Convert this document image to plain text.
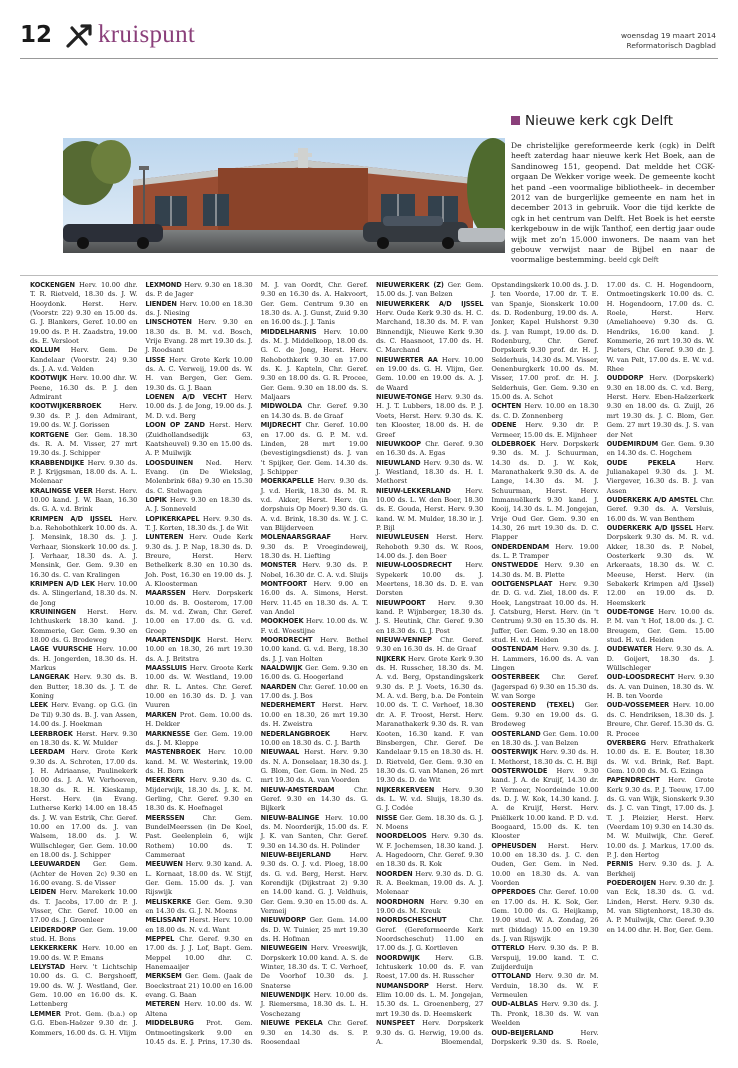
12 kruispunt	woensdag 19 maart 2014
Reformatorisch Dagblad
Nieuwe kerk cgk Delft
De christelijke gereformeerde kerk (cgk) in Delft heeft zaterdag haar nieuwe kerk Het Boek, aan de Sandinoweg 151, geopend. Dat meldde het CGK-orgaan De Wekker vorige week. De gemeente kocht het pand –een voormalige bibliotheek– in december 2012 van de burgerlijke gemeente en nam het in december 2013 in gebruik. Voor die tijd kerkte de cgk in het centrum van Delft. Het Boek is het eerste kerkgebouw in de wijk Tanthof, een dertig jaar oude wijk met zo’n 15.000 inwoners. De naam van het gebouw verwijst naar de Bijbel en naar de voormalige bestemming. beeld cgk Delft

KOCKENGEN Herv. 10.00 dhr. T. R. Rietveld, 18.30 ds. J. W. Hooydonk. Herst. Herv. (Voorstr. 22) 9.30 en 15.00 ds. G. J. Blankers, Geref. 10.00 en 19.00 ds. P. H. Zaadstra, 19.00 ds. E. Versloot

KOLLUM Herv. Gem. De Kandelaar (Voorstr. 24) 9.30 ds. J. A. v.d. Velden

KOOTWIJK Herv. 10.00 dhr. W. Peene, 16.30 ds. P. J. den Admirant

KOOTWIJKERBROEK	Herv. 9.30 ds. P. J. den Admirant, 19.00 ds. W. J. Gorissen

KORTGENE Ger. Gem. 18.30 ds. R. A. M. Visser, 27 mrt 19.30 ds. J. Schipper

KRABBENDIJKE Herv. 9.30 ds. P. J. Krijgsman, 18.00 ds. A. L. Molenaar

KRALINGSE VEER Herst. Herv. 10.00 kand. J. W. Baan, 16.30 ds. G. A. v.d. Brink

KRIMPEN A/D IJSSEL Herv. b.a. Rehobothkerk 10.00 ds. A. J. Mensink, 18.30 ds. J. J. Verhaar, Sionskerk 10.00 ds. J. J. Verhaar, 18.30 ds. A. J. Mensink, Ger. Gem. 9.30 en 16.30 ds. C. van Kralingen

KRIMPEN A/D LEK Herv. 10.00 ds. A. Slingerland, 18.30 ds. N. de Jong

KRUININGEN Herst. Herv. Ichthuskerk 18.30 kand. J. Kommerie, Ger. Gem. 9.30 en 18.00 ds. G. Brodeweg

LAGE VUURSCHE Herv. 10.00 ds. H. Jongerden, 18.30 ds. H. Markus

LANGERAK Herv. 9.30 ds. B. den Butter, 18.30 ds. J. T. de Koning

LEEK Herv. Evang. op G.G. (in De Til) 9.30 ds. B. J. van Assen, 14.00 ds. J. Hoekman

LEERBROEK Herst. Herv. 9.30 en 18.30 ds. K. W. Mulder

LEERDAM Herv. Grote Kerk 9.30 ds. A. Schroten, 17.00 ds. J. H. Adriaanse, Paulinekerk 10.00 ds. J. A. W. Verhoeven, 18.30 ds. R. H. Kieskamp, Herst. Herv. (in Evang. Lutherse Kerk) 14.00 en 18.45 ds. J. W. van Estrik, Chr. Geref. 10.00 en 17.00 ds. J. van Walsem, 18.00 ds. J. W. Wüllschleger, Ger. Gem. 10.00 en 18.00 ds. J. Schipper

LEEUWARDEN Ger. Gem. (Achter de Hoven 2c) 9.30 en 16.00 evang. S. de Visser

LEIDEN Herv. Marekerk 10.00 ds. T. Jacobs, 17.00 dr. P. J. Visser, Chr. Geref. 10.00 en 17.00 ds. J. Groenleer

LEIDERDORP Ger. Gem. 19.00 stud. H. Bons

LEKKERKERK Herv. 10.00 en 19.00 ds. W. P. Emans

LELYSTAD Herv. 't Lichtschip 10.00 ds. G. C. Bergshoeff, 19.00 ds. W. J. Westland, Ger. Gem. 10.00 en 16.00 ds. K. Lettenberg

LEMMER Prot. Gem. (b.a.) op G.G. Eben-Haëzer 9.30 dr. J. Kommers, 16.00 ds. G. H. Vlijm

LEXMOND Herv. 9.30 en 18.30 ds. P. de Jager

LIENDEN Herv. 10.00 en 18.30 ds. J. Niesing

LINSCHOTEN Herv. 9.30 en 18.30 ds. B. M. v.d. Bosch, Vrije Evang. 28 mrt 19.30 ds. J. J. Roodsant

LISSE Herv. Grote Kerk 10.00 ds. A. C. Verweij, 19.00 ds. W. H. van Bergen, Ger. Gem. 19.30 ds. G. J. Baan

LOENEN A/D VECHT Herv. 10.00 ds. J. de Jong, 19.00 ds. J. M. D. v.d. Berg

LOON OP ZAND Herst. Herv. (Zuidhollandsedijk 63, Kaatsheuvel) 9.30 en 15.00 ds. A. P. Muilwijk

LOOSDUINEN Ned. Herv. Evang. (in De Wiekslag, Molenbrink 68a) 9.30 en 15.30 ds. C. Stelwagen

LOPIK Herv. 9.30 en 18.30 ds. A. J. Sonneveld

LOPIKERKAPEL Herv. 9.30 ds. T. J. Korten, 18.30 ds. J. de Wit

LUNTEREN Herv. Oude Kerk 9.30 ds. J. P. Nap, 18.30 ds. D. Breure, Herst. Herv. Bethelkerk 8.30 en 10.30 ds. Joh. Post, 16.30 en 19.00 ds. J. A. Kloosterman

MAARSSEN Herv. Dorpskerk 10.00 ds. B. Oosterom, 17.00 ds. M. v.d. Zwan, Chr. Geref. 10.00 en 17.00 ds. G. v.d. Groep

MAARTENSDIJK Herst. Herv. 10.00 en 18.30, 26 mrt 19.30 ds. A. J. Britstra

MAASSLUIS Herv. Groote Kerk 10.00 ds. W. Westland, 19.00 dhr. R. L. Antes. Chr. Geref. 10.00 en 16.30 ds. D. J. van Vuuren

MARKEN Prot. Gem. 10.00 ds. H. Dekker

MARKNESSE Ger. Gem. 19.00 ds. J. M. Kleppe

MASTENBROEK Herv. 10.00 kand. M. W. Westerink, 19.00 ds. H. Born

MEERKERK Herv. 9.30 ds. C. Mijderwijk, 18.30 ds. J. K. M. Gerling, Chr. Geref. 9.30 en 18.30 ds. K. Hoefnagel

MEERSSEN	Chr. Gem. BundelMeerssen (in De Koel, Past. Geelenplein 6, wijk Rothem) 10.00 ds. T. Cammeraat

MEEUWEN Herv. 9.30 kand. A. L. Kornaat, 18.00 ds. W. Stijf, Ger. Gem. 15.00 ds. J. van Rijswijk

MELISKERKE Ger. Gem. 9.30 en 14.30 ds. G. J. N. Moens

MELISSANT Herst. Herv. 10.00 en 18.00 ds. N. v.d. Want

MEPPEL Chr. Geref. 9.30 en 17.00 ds. J. J. Lof, Bapt. Gem. Meppel 10.00 dhr. C. Hanemaaijer

MERKSEM Ger. Gem. (Jaak de Boeckstraat 21) 10.00 en 16.00 evang. G. Baan

METEREN Herv. 10.00 ds. W. Altena

MIDDELBURG Prot. Gem. Ontmoetingskerk 9.00 en 10.45 ds. E. J. Prins, 17.30 ds. M. J. van Oordt, Chr. Geref. 9.30 en 16.30 ds. A. Hakvoort, Ger. Gem. Centrum 9.30 en 18.30 ds. A. J. Gunst, Zuid 9.30 en 16.00 ds. J. J. Tanis

MIDDELHARNIS Herv. 10.00 ds. M. J. Middelkoop, 18.00 ds. G. C. de Jong, Herst. Herv. Rehobothkerk 9.30 en 17.00 ds. K. J. Kapteln, Chr. Geref. 9.30 en 18.00 ds. G. R. Procee, Ger. Gem. 9.30 en 18.00 ds. S. Maljaars

MIDWOLDA Chr. Geref. 9.30 en 14.30 ds. B. de Graaf

MIJDRECHT Chr. Geref. 10.00 en 17.00 ds. G. P. M. v.d. Linden, 28 mrt 19.00 (bevestigingsdienst) ds. J. van 't Spijker, Ger. Gem. 14.30 ds. J. Schipper

MOERKAPELLE Herv. 9.30 ds. J. v.d. Herik, 18.30 ds. M. R. v.d. Akker, Herst. Herv. (in dorpshuis Op Moer) 9.30 ds. G. A. v.d. Brink, 18.30 ds. W. J. C. van Blijderveen

MOLENAARSGRAAF	Herv. 9.30 ds. P. Vroegindeweij, 18.30 ds. H. Liefting

MONSTER Herv. 9.30 ds. P. Nobel, 16.30 dr. C. A. v.d. Sluijs

MONTFOORT Herv. 9.00 en 16.00 ds. A. Simons, Herst. Herv. 11.45 en 18.30 ds. A. T. van Andel

MOOKHOEK Herv. 10.00 ds. W. F. v.d. Woestijne

MOORDRECHT Herv. Bethel 10.00 kand. G. v.d. Berg, 18.30 ds. J. J. van Holten

NAALDWIJK Ger. Gem. 9.30 en 16.00 ds. G. Hoogerland

NAARDEN Chr. Geref. 10.00 en 17.00 ds. J. Bos

NEDERHEMERT Herst. Herv. 10.00 en 18.30, 26 mrt 19.30 ds. H. Zweistra

NEDERLANGBROEK	Herv. 10.00 en 18.30 ds. C. J. Barth

NIEUWAAL Herst. Herv. 9.30 ds. N. A. Donselaar, 18.30 ds. J. G. Blom, Ger. Gem. in Ned. 25 mrt 19.30 ds. A. van Voorden

NIEUW-AMSTERDAM	Chr. Geref. 9.30 en 14.30 ds. G. Bijkerk

NIEUW-BALINGE Herv. 10.00 ds. M. Noorderijk, 15.00 ds. F. J. K. van Santen, Chr. Geref. 9.30 en 14.30 ds. H. Polinder

NIEUW-BEIJERLAND	Herv. 9.30 ds. O. J. v.d. Ploeg, 18.00 ds. G. v.d. Berg, Herst. Herv. Korendijk (Dijkstraat 2) 9.30 en 14.00 kand. G. J. Veldhuis, Ger. Gem. 9.30 en 15.00 ds. A. Vermeij

NIEUWDORP Ger. Gem. 14.00 ds. D. W. Tuinier, 25 mrt 19.30 ds. H. Hofman

NIEUWEGEIN Herv. Vreeswijk, Dorpskerk 10.00 kand. A. S. de Winter, 18.30 ds. T. C. Verhoef, De Voorhof 10.30 ds. J. Snaterse

NIEUWENDIJK Herv. 10.00 ds. J. Riemersma, 18.30 ds. L. H. Voschezang

NIEUWE PEKELA Chr. Geref. 9.30 en 14.30 ds. S. P. Roosendaal

NIEUWERKERK (Z) Ger. Gem. 15.00 ds. J. van Belzen

NIEUWERKERK A/D IJSSEL Herv. Oude Kerk 9.30 ds. H. C. Marchand, 18.30 ds. M. F. van Binnendijk, Nieuwe Kerk 9.30 ds. C. Haasnoot, 17.00 ds. H. C. Marchand

NIEUWERTER AA Herv. 10.00 en 19.00 ds. G. H. Vlijm, Ger. Gem. 10.00 en 19.00 ds. A. J. de Waard

NIEUWE-TONGE Herv. 9.30 ds. H. J. T. Lubbers, 18.00 ds. P. J. Voets, Herst. Herv. 9.30 ds. K. ten Klooster, 18.00 ds. H. de Greef

NIEUWKOOP Chr. Geref. 9.30 en 16.30 ds. A. Egas

NIEUWLAND Herv. 9.30 ds. W. J. Westland, 18.30 ds. H. I. Methorst

NIEUW-LEKKERLAND Herv. 10.00 ds. L. W. den Boer, 18.30 ds. E. Gouda, Herst. Herv. 9.30 kand. W. M. Mulder, 18.30 ir. J. P. Bijl

NIEUWLEUSEN Herst. Herv. Rehoboth 9.30 ds. W. Roos, 14.00 ds. J. den Boer

NIEUW-LOOSDRECHT Herv. Sypekerk 10.00 ds. J. Meertens, 18.30 ds. D. E. van Dorsten

NIEUWPOORT Herv. 9.30 kand. P. Wijnberger, 18.30 ds. J. S. Heutink, Chr. Geref. 9.30 en 18.30 ds. G. J. Post

NIEUW-VENNEP Chr. Geref. 9.30 en 16.30 ds. H. de Graaf

NIJKERK Herv. Grote Kerk 9.30 ds. H. Russcher, 18.30 ds. M. A. v.d. Berg, Opstandingskerk 9.30 ds. P. J. Voets, 16.30 ds. M. A. v.d. Berg, b.a. De Fontein 10.00 ds. T. C. Verhoef, 18.30 dr. A. F. Troost, Herst. Herv. Maranathakerk 9.30 ds. R. van Kooten, 16.30 kand. F. van Binsbergen, Chr. Geref. De Kandelaar 9.15 en 18.30 ds. H. D. Rietveld, Ger. Gem. 9.30 en 18.30 ds. G. van Manen, 26 mrt 19.30 ds. D. de Wit

NIJKERKERVEEN Herv. 9.30 ds. L. W. v.d. Sluijs, 18.30 ds. G. J. Codée

NISSE Ger. Gem. 18.30 ds. G. J. N. Moens

NOORDELOOS Herv. 9.30 ds. W. F. Jochemsen, 18.30 kand. J. A. Hagedoorn, Chr. Geref. 9.30 en 18.30 ds. R. Kok

NOORDEN Herv. 9.30 ds. D. G. R. A. Beekman, 19.00 ds. A. J. Molenaar

NOORDHORN Herv. 9.30 en 19.00 ds. M. Kreuk

NOORDSCHESCHUT	Chr. Geref. (Gereformeerde Kerk Noordscheschut) 11.00 en 17.00 ds. J. G. Kortleven

NOORDWIJK Herv. G.B. Ichtuskerk 10.00 ds. F. van Roest, 17.00 ds. H. Russcher

NUMANSDORP Herst. Herv. Elim 10.00 ds. L. M. Jongejan, 15.30 ds. L. Groenenberg, 27 mrt 19.30 ds. D. Heemskerk

NUNSPEET Herv. Dorpskerk 9.30 ds. G. Herwig, 19.00 ds. A. Bloemendal, Opstandingskerk 10.00 ds. J. D. J. ten Voorde, 17.00 dr. T. E. van Spanje, Sionskerk 10.00 ds. D. Rodenburg, 19.00 ds. A. Jonker, Kapel Hulshorst 9.30 ds. J. van Rumpt, 19.00 ds. D. Rodenburg, Chr. Geref. Dorpskerk 9.30 prof. dr. H. J. Selderhuis, 14.30 ds. M. Visser, Oenenburgkerk 10.00 ds. M. Visser, 17.00 prof. dr. H. J. Selderhuis, Ger. Gem. 9.30 en 15.00 ds. A. Schot

OCHTEN Herv. 10.00 en 18.30 ds. C. D. Zonnenberg

ODENE Herv. 9.30 dr. P. Vermeer, 15.00 ds. E. Mijnheer

OLDEBROEK Herv. Dorpskerk 9.30 ds. M. J. Schuurman, 14.30 ds. D. J. W. Kok, Maranathakerk 9.30 ds. A. de Lange, 14.30 ds. M. J. Schuurman, Herst. Herv. Immanuëlkerk 9.30 kand. J. Kooij, 14.30 ds. L. M. Jongejan, Vrije Oud Ger. Gem. 9.30 en 14.30, 26 mrt 19.30 ds. D. C. Flapper

ONDERDENDAM Herv. 19.00 ds. L. P. Tramper

ONSTWEDDE Herv. 9.30 en 14.30 ds. M. B. Plette

OOLTGENSPLAAT Herv. 9.30 dr. D. G. v.d. Ziel, 18.00 ds. F. Hoek, Langstraat 10.00 ds. H. J. Catsburg, Herst. Herv. (in 't Centrum) 9.30 en 15.30 ds. H. Juffer, Ger. Gem. 9.30 en 18.00 stud. H. v.d. Heiden

OOSTENDAM Herv. 9.30 ds. J. H. Lammers, 16.00 ds. A. van Lingen

OOSTERBEEK Chr. Geref. (Jagerspad 6) 9.30 en 15.30 ds. W. van Sorge

OOSTEREND (TEXEL) Ger. Gem. 9.30 en 19.00 ds. G. Brodeweg

OOSTERLAND Ger. Gem. 10.00 en 18.30 ds. J. van Belzen

OOSTERWIJK Herv. 9.30 ds. H. I. Methorst, 18.30 ds. C. H. Bijl

OOSTERWOLDE Herv. 9.30 kand. J. A. de Kruijf, 14.30 dr. P. Vermeer, Noordeinde 10.00 ds. D. J. W. Kok, 14.30 kand. J. A. de Kruijf, Herst. Herv. Pniëlkerk 10.00 kand. P. D. v.d. Boogaard, 15.00 ds. K. ten Klooster

OPHEUSDEN Herst. Herv. 10.00 en 18.30 ds. J. C. den Ouden, Ger. Gem. in Ned. 10.00 en 18.30 ds. A. van Voorden

OPPERDOES Chr. Geref. 10.00 en 17.00 ds. H. K. Sok, Ger. Gem. 10.00 ds. G. Heijkamp, 19.00 stud. W. A. Zondag, 26 mrt (biddag) 15.00 en 19.30 ds. J. van Rijswijk

OTTERLO Herv. 9.30 ds. P. B. Verspuij, 19.00 kand. T. C. Zuijderduijn

OTTOLAND Herv. 9.30 dr. M. Verduin, 18.30 ds. W. F. Vermeulen

OUD-ALBLAS Herv. 9.30 ds. J. Th. Pronk, 18.30 ds. W. van Weelden

OUD-BEIJERLAND	Herv. Dorpskerk 9.30 ds. S. Roele, 17.00 ds. C. H. Hogendoorn, Ontmoetingskerk 10.00 ds. C. H. Hogendoorn, 17.00 ds. C. Roele, Herst. Herv. (Ameliahoeve) 9.30 ds. G. Hendriks, 16.00 kand. J. Kommerie, 26 mrt 19.30 ds. W. Pieters, Chr. Geref. 9.30 dr. J. W. van Pelt, 17.00 ds. E. W. v.d. Rhee

OUDDORP Herv. (Dorpskerk) 9.30 en 18.00 ds. C. v.d. Berg, Herst. Herv. Eben-Haëzerkerk 9.30 en 18.00 ds. G. Zuijl, 26 mrt 19.30 ds. J. C. Blom, Ger. Gem. 27 mrt 19.30 ds. J. S. van der Net

OUDEMIRDUM Ger. Gem. 9.30 en 14.30 ds. C. Hogchem

OUDE PEKELA	Herv. Julianakapel 9.30 ds. J. M. Viergever, 16.30 ds. B. J. van Assen

OUDERKERK A/D AMSTEL Chr. Geref. 9.30 ds. A. Versluis, 16.00 ds. W. van Benthem

OUDERKERK A/D IJSSEL Herv. Dorpskerk 9.30 ds. M. R. v.d. Akker, 18.30 ds. P. Nobel, Oosterkerk 9.30 ds. W. Arkeraats, 18.30 ds. W. C. Meeuse, Herst. Herv. (in Sebakerk Krimpen a/d IJssel) 12.00 en 19.00 ds. D. Heemskerk

OUDE-TONGE Herv. 10.00 ds. P. M. van 't Hof, 18.00 ds. J. C. Breugem, Ger. Gem. 15.00 stud. H. v.d. Heiden

OUDEWATER Herv. 9.30 ds. A. D. Goijert, 18.30 ds. J. Wüllschleger

OUD-LOOSDRECHT Herv. 9.30 ds. A. van Duinen, 18.30 ds. W. H. B. ten Voorde

OUD-VOSSEMEER Herv. 10.00 ds. C. Hendriksen, 18.30 ds. J. Breure, Chr. Geref. 15.30 ds. G. R. Procee

OVERBERG Herv. Efrathakerk 10.00 ds. E. E. Bouter, 18.30 ds. W. v.d. Brink, Ref. Bapt. Gem. 10.00 ds. M. G. Ezinga

PAPENDRECHT Herv. Grote Kerk 9.30 ds. P. J. Teeuw, 17.00 ds. G. van Wijk, Sionskerk 9.30 ds. J. C. van Tingt, 17.00 ds. J. T. J. Pleizier, Herst. Herv. (Veerdam 10) 9.30 en 14.30 ds. M. W. Muilwijk, Chr. Geref. 10.00 ds. J. Markus, 17.00 ds. P. J. den Hertog

PERNIS Herv. 9.30 ds. J. A. Berkheij

POEDEROIJEN Herv. 9.30 dr. J. van Eck, 18.30 ds. G. v.d. Linden, Herst. Herv. 9.30 ds. M. van Sligtenhorst, 18.30 ds. A. P. Muilwijk, Chr. Geref. 9.30 en 14.00 dhr. H. Bor, Ger. Gem.
